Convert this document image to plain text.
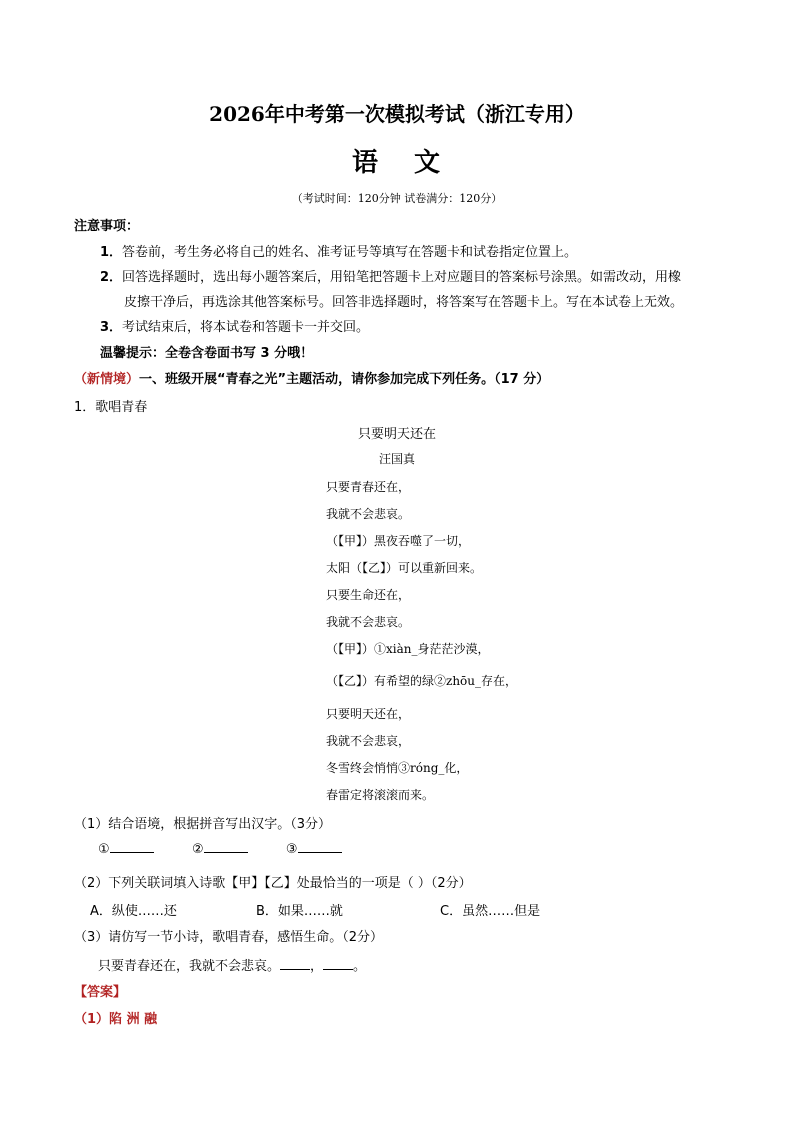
2026年中考第一次模拟考试（浙江专用）
语 文
（考试时间：120分钟 试卷满分：120分）
注意事项：
1．答卷前，考生务必将自己的姓名、准考证号等填写在答题卡和试卷指定位置上。
2．回答选择题时，选出每小题答案后，用铅笔把答题卡上对应题目的答案标号涂黑。如需改动，用橡
皮擦干净后，再选涂其他答案标号。回答非选择题时，将答案写在答题卡上。写在本试卷上无效。
3．考试结束后，将本试卷和答题卡一并交回。
温馨提示：全卷含卷面书写 3 分哦！
（新情境）一、班级开展“青春之光”主题活动，请你参加完成下列任务。（17 分）
1．歌唱青春
只要明天还在
汪国真
只要青春还在，
我就不会悲哀。
（【甲】）黑夜吞噬了一切，
太阳（【乙】）可以重新回来。
只要生命还在，
我就不会悲哀。
（【甲】）①xiàn_身茫茫沙漠，
（【乙】）有希望的绿②zhōu_存在，
只要明天还在，
我就不会悲哀，
冬雪终会悄悄③róng_化，
春雷定将滚滚而来。
（1）结合语境，根据拼音写出汉字。（3分）
①	②	③
（2）下列关联词填入诗歌【甲】【乙】处最恰当的一项是（ ）（2分）
A．纵使……还	B．如果……就	C．虽然……但是
（3）请仿写一节小诗，歌唱青春，感悟生命。（2分）
只要青春还在，我就不会悲哀。 ， 。
【答案】
（1）陷 洲 融
